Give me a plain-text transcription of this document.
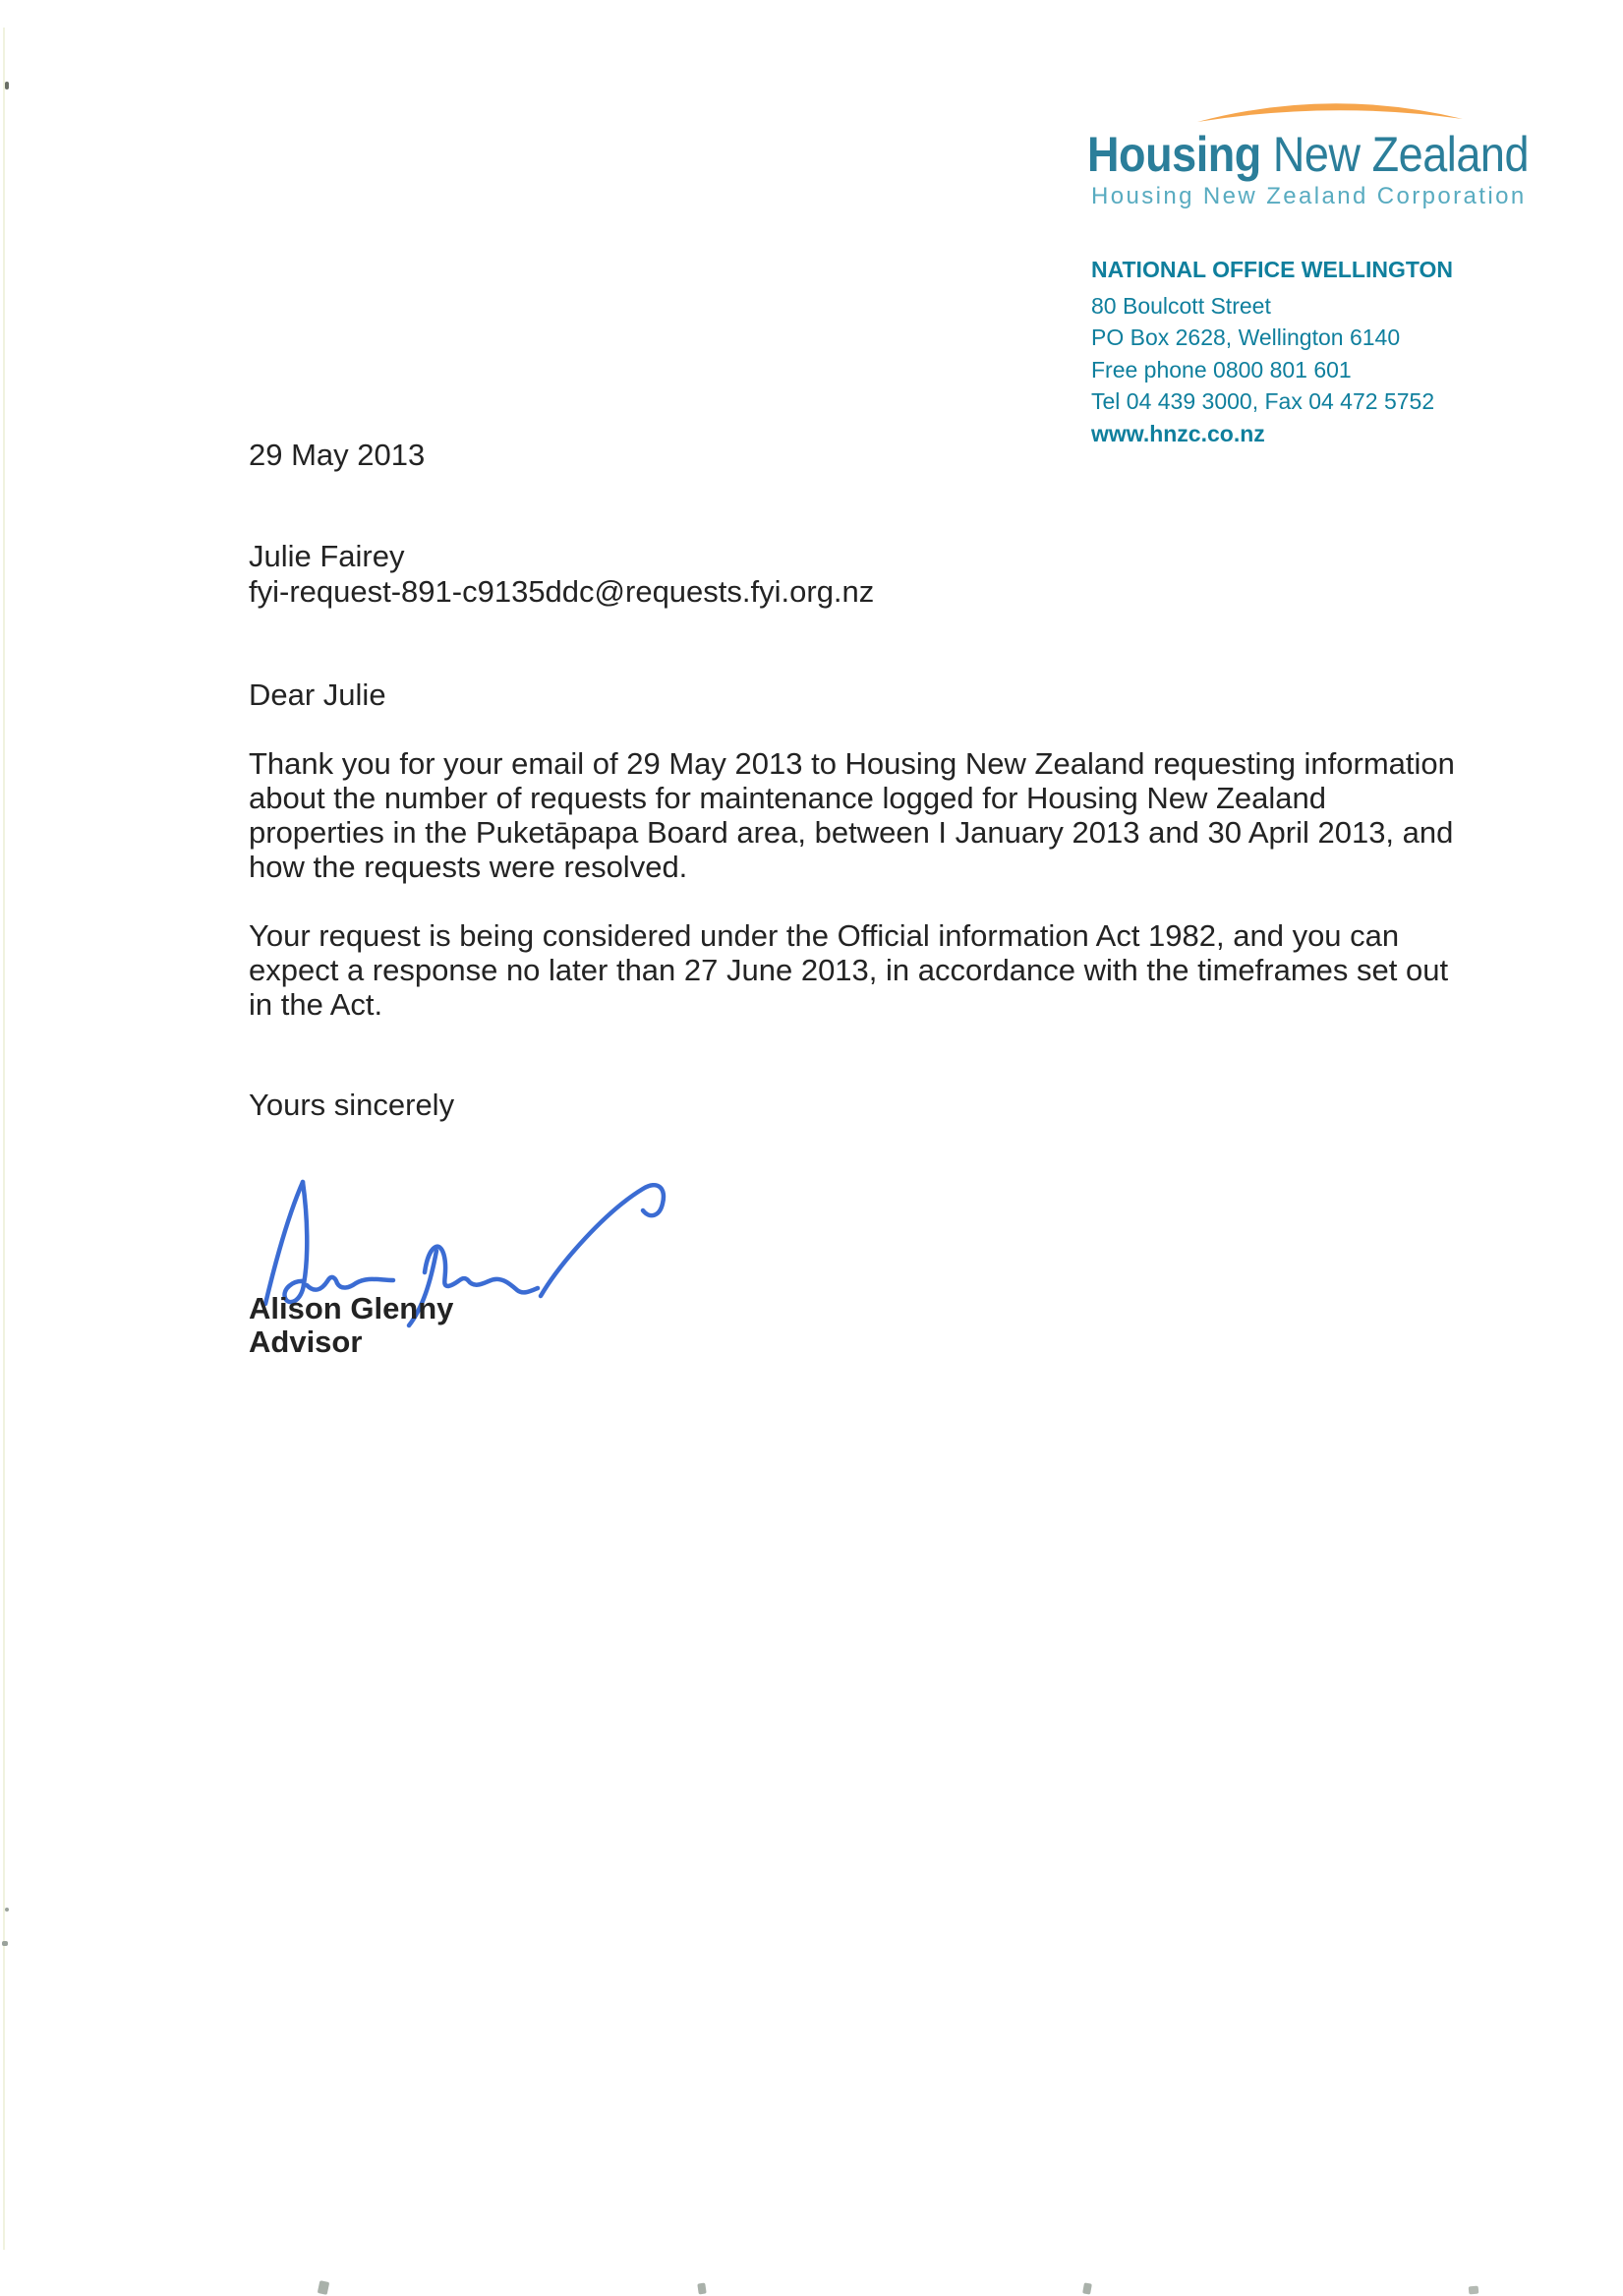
Housing New Zealand
Housing New Zealand Corporation
NATIONAL OFFICE WELLINGTON
80 Boulcott Street
PO Box 2628, Wellington 6140
Free phone 0800 801 601
Tel 04 439 3000, Fax 04 472 5752
www.hnzc.co.nz
29 May 2013
Julie Fairey
fyi-request-891-c9135ddc@requests.fyi.org.nz
Dear Julie
Thank you for your email of 29 May 2013 to Housing New Zealand requesting information
about the number of requests for maintenance logged for Housing New Zealand
properties in the Puketāpapa Board area, between I January 2013 and 30 April 2013, and
how the requests were resolved.
Your request is being considered under the Official information Act 1982, and you can
expect a response no later than 27 June 2013, in accordance with the timeframes set out
in the Act.
Yours sincerely
Alison Glenny
Advisor
